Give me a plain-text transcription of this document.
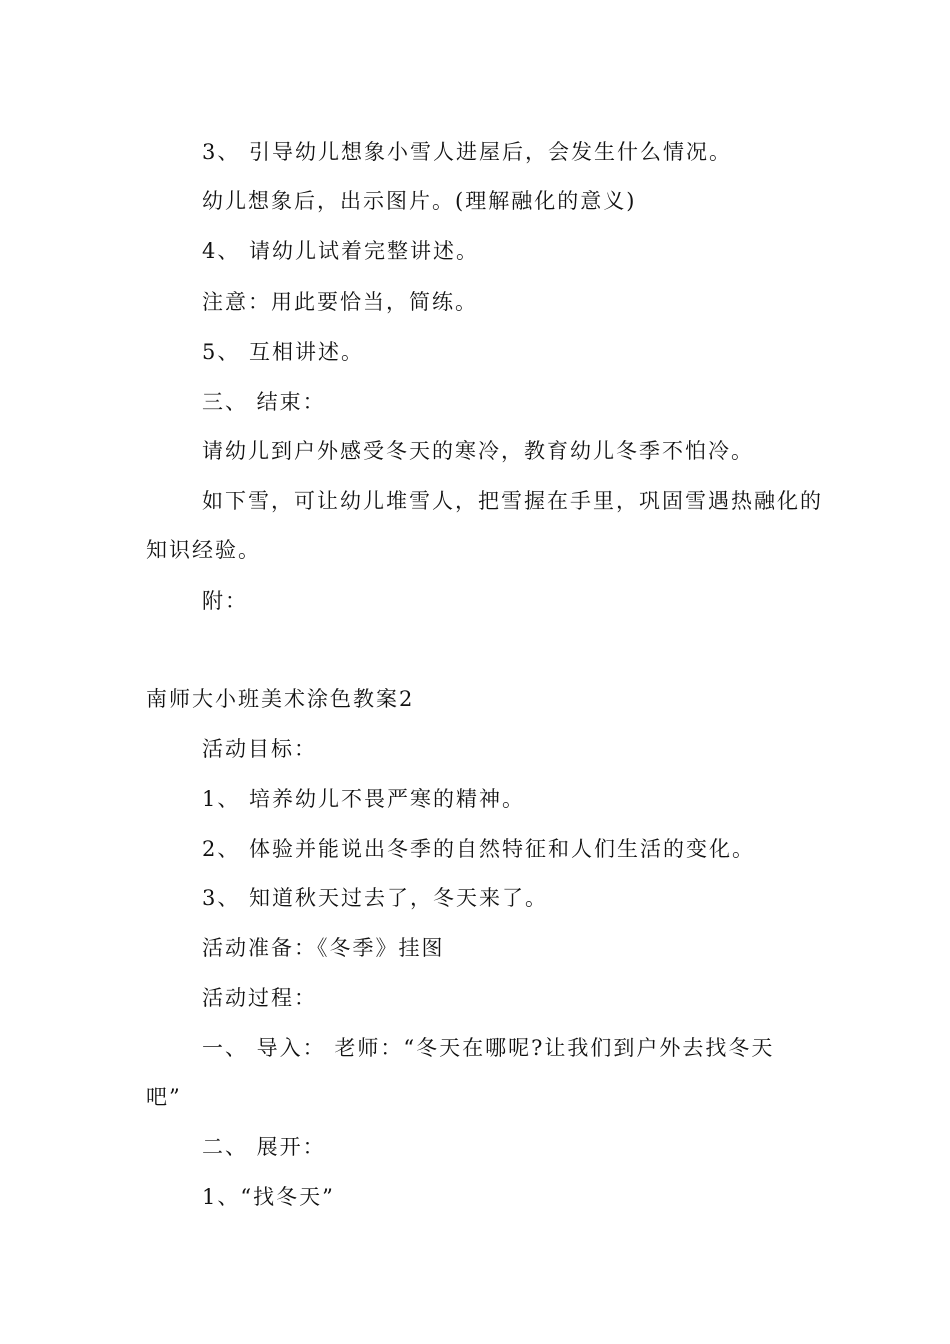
3、 引导幼儿想象小雪人进屋后，会发生什么情况。
幼儿想象后，出示图片。(理解融化的意义)
4、 请幼儿试着完整讲述。
注意：用此要恰当，简练。
5、 互相讲述。
三、 结束：
请幼儿到户外感受冬天的寒冷，教育幼儿冬季不怕冷。
如下雪，可让幼儿堆雪人，把雪握在手里，巩固雪遇热融化的
知识经验。
附：
南师大小班美术涂色教案2
活动目标：
1、 培养幼儿不畏严寒的精神。
2、 体验并能说出冬季的自然特征和人们生活的变化。
3、 知道秋天过去了，冬天来了。
活动准备：《冬季》挂图
活动过程：
一、 导入： 老师：“冬天在哪呢?让我们到户外去找冬天
吧”
二、 展开：
1、“找冬天”
